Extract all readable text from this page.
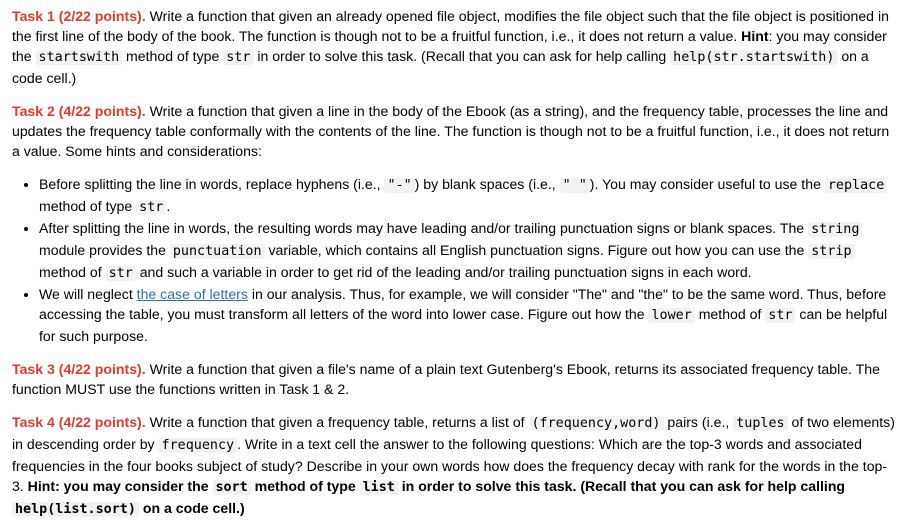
Task 1 (2/22 points). Write a function that given an already opened file object, modifies the file object such that the file object is positioned in the first line of the body of the book. The function is though not to be a fruitful function, i.e., it does not return a value. Hint: you may consider the startswith method of type str in order to solve this task. (Recall that you can ask for help calling help(str.startswith) on a code cell.)

Task 2 (4/22 points). Write a function that given a line in the body of the Ebook (as a string), and the frequency table, processes the line and updates the frequency table conformally with the contents of the line. The function is though not to be a fruitful function, i.e., it does not return a value. Some hints and considerations:

• Before splitting the line in words, replace hyphens (i.e., "-" ) by blank spaces (i.e., " " ). You may consider useful to use the replace method of type str .
• After splitting the line in words, the resulting words may have leading and/or trailing punctuation signs or blank spaces. The string module provides the punctuation variable, which contains all English punctuation signs. Figure out how you can use the strip method of str and such a variable in order to get rid of the leading and/or trailing punctuation signs in each word.
• We will neglect the case of letters in our analysis. Thus, for example, we will consider "The" and "the" to be the same word. Thus, before accessing the table, you must transform all letters of the word into lower case. Figure out how the lower method of str can be helpful for such purpose.

Task 3 (4/22 points). Write a function that given a file's name of a plain text Gutenberg's Ebook, returns its associated frequency table. The function MUST use the functions written in Task 1 & 2.

Task 4 (4/22 points). Write a function that given a frequency table, returns a list of (frequency,word) pairs (i.e., tuples of two elements) in descending order by frequency . Write in a text cell the answer to the following questions: Which are the top-3 words and associated frequencies in the four books subject of study? Describe in your own words how does the frequency decay with rank for the words in the top-3. Hint: you may consider the sort method of type list in order to solve this task. (Recall that you can ask for help calling help(list.sort) on a code cell.)
